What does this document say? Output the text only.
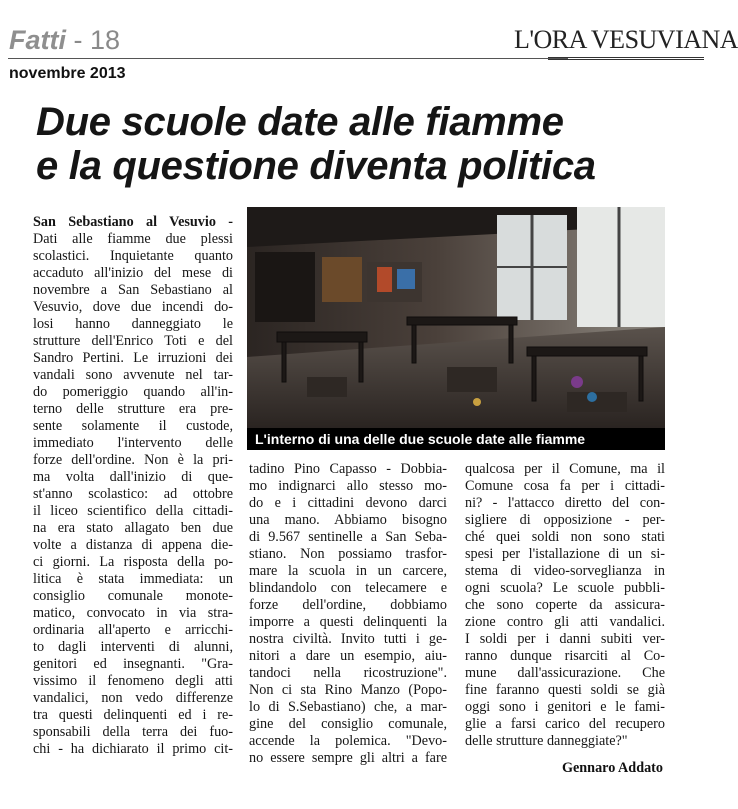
Fatti - 18	L'ORA VESUVIANA
novembre 2013
Due scuole date alle fiamme
e la questione diventa politica
L'interno di una delle due scuole date alle fiamme
San Sebastiano al Vesuvio -
Dati alle fiamme due plessi
scolastici. Inquietante quanto
accaduto all'inizio del mese di
novembre a San Sebastiano al
Vesuvio, dove due incendi do-
losi hanno danneggiato le
strutture dell'Enrico Toti e del
Sandro Pertini. Le irruzioni dei
vandali sono avvenute nel tar-
do pomeriggio quando all'in-
terno delle strutture era pre-
sente solamente il custode,
immediato l'intervento delle
forze dell'ordine. Non è la pri-
ma volta dall'inizio di que-
st'anno scolastico: ad ottobre
il liceo scientifico della cittadi-
na era stato allagato ben due
volte a distanza di appena die-
ci giorni. La risposta della po-
litica è stata immediata: un
consiglio comunale monote-
matico, convocato in via stra-
ordinaria all'aperto e arricchi-
to dagli interventi di alunni,
genitori ed insegnanti. "Gra-
vissimo il fenomeno degli atti
vandalici, non vedo differenze
tra questi delinquenti ed i re-
sponsabili della terra dei fuo-
chi - ha dichiarato il primo cit-
tadino Pino Capasso - Dobbia-
mo indignarci allo stesso mo-
do e i cittadini devono darci
una mano. Abbiamo bisogno
di 9.567 sentinelle a San Seba-
stiano. Non possiamo trasfor-
mare la scuola in un carcere,
blindandolo con telecamere e
forze dell'ordine, dobbiamo
imporre a questi delinquenti la
nostra civiltà. Invito tutti i ge-
nitori a dare un esempio, aiu-
tandoci nella ricostruzione".
Non ci sta Rino Manzo (Popo-
lo di S.Sebastiano) che, a mar-
gine del consiglio comunale,
accende la polemica. "Devo-
no essere sempre gli altri a fare
qualcosa per il Comune, ma il
Comune cosa fa per i cittadi-
ni? - l'attacco diretto del con-
sigliere di opposizione - per-
ché quei soldi non sono stati
spesi per l'istallazione di un si-
stema di video-sorveglianza in
ogni scuola? Le scuole pubbli-
che sono coperte da assicura-
zione contro gli atti vandalici.
I soldi per i danni subiti ver-
ranno dunque risarciti al Co-
mune dall'assicurazione. Che
fine faranno questi soldi se già
oggi sono i genitori e le fami-
glie a farsi carico del recupero
delle strutture danneggiate?"
Gennaro Addato
